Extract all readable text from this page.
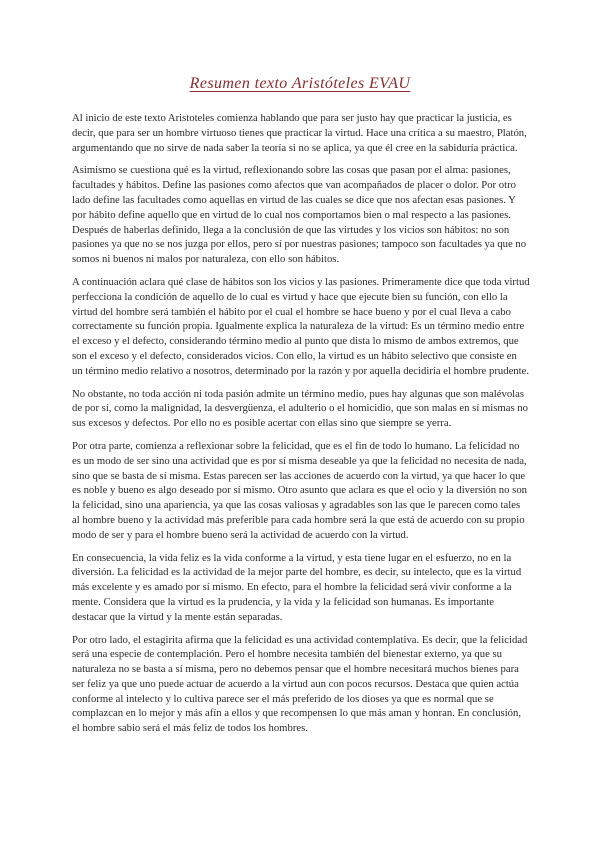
Resumen texto Aristóteles EVAU

Al inicio de este texto Aristoteles comienza hablando que para ser justo hay que practicar la justicia, es decir, que para ser un hombre virtuoso tienes que practicar la virtud. Hace una crítica a su maestro, Platón, argumentando que no sirve de nada saber la teoría si no se aplica, ya que él cree en la sabiduría práctica.

Asimismo se cuestiona qué es la virtud, reflexionando sobre las cosas que pasan por el alma: pasiones, facultades y hábitos. Define las pasiones como afectos que van acompañados de placer o dolor. Por otro lado define las facultades como aquellas en virtud de las cuales se dice que nos afectan esas pasiones. Y por hábito define aquello que en virtud de lo cual nos comportamos bien o mal respecto a las pasiones. Después de haberlas definido, llega a la conclusión de que las virtudes y los vicios son hábitos: no son pasiones ya que no se nos juzga por ellos, pero sí por nuestras pasiones; tampoco son facultades ya que no somos ni buenos ni malos por naturaleza, con ello son hábitos.

A continuación aclara qué clase de hábitos son los vicios y las pasiones. Primeramente dice que toda virtud perfecciona la condición de aquello de lo cual es virtud y hace que ejecute bien su función, con ello la virtud del hombre será también el hábito por el cual el hombre se hace bueno y por el cual lleva a cabo correctamente su función propia. Igualmente explica la naturaleza de la virtud: Es un término medio entre el exceso y el defecto, considerando término medio al punto que dista lo mismo de ambos extremos, que son el exceso y el defecto, considerados vicios. Con ello, la virtud es un hábito selectivo que consiste en un término medio relativo a nosotros, determinado por la razón y por aquella decidiría el hombre prudente.

No obstante, no toda acción ni toda pasión admite un término medio, pues hay algunas que son malévolas de por sí, como la malignidad, la desvergüenza, el adulterio o el homicidio, que son malas en sí mismas no sus excesos y defectos. Por ello no es posible acertar con ellas sino que siempre se yerra.

Por otra parte, comienza a reflexionar sobre la felicidad, que es el fin de todo lo humano. La felicidad no es un modo de ser sino una actividad que es por sí misma deseable ya que la felicidad no necesita de nada, sino que se basta de sí misma. Estas parecen ser las acciones de acuerdo con la virtud, ya que hacer lo que es noble y bueno es algo deseado por sí mismo. Otro asunto que aclara es que el ocio y la diversión no son la felicidad, sino una apariencia, ya que las cosas valiosas y agradables son las que le parecen como tales al hombre bueno y la actividad más preferible para cada hombre será la que está de acuerdo con su propio modo de ser y para el hombre bueno será la actividad de acuerdo con la virtud.

En consecuencia, la vida feliz es la vida conforme a la virtud, y esta tiene lugar en el esfuerzo, no en la diversión. La felicidad es la actividad de la mejor parte del hombre, es decir, su intelecto, que es la virtud más excelente y es amado por sí mismo. En efecto, para el hombre la felicidad será vivir conforme a la mente. Considera que la virtud es la prudencia, y la vida y la felicidad son humanas. Es importante destacar que la virtud y la mente están separadas.

Por otro lado, el estagirita afirma que la felicidad es una actividad contemplativa. Es decir, que la felicidad será una especie de contemplación. Pero el hombre necesita también del bienestar externo, ya que su naturaleza no se basta a sí misma, pero no debemos pensar que el hombre necesitará muchos bienes para ser feliz ya que uno puede actuar de acuerdo a la virtud aun con pocos recursos. Destaca que quien actúa conforme al intelecto y lo cultiva parece ser el más preferido de los dioses ya que es normal que se complazcan en lo mejor y más afín a ellos y que recompensen lo que más aman y honran. En conclusión, el hombre sabio será el más feliz de todos los hombres.
